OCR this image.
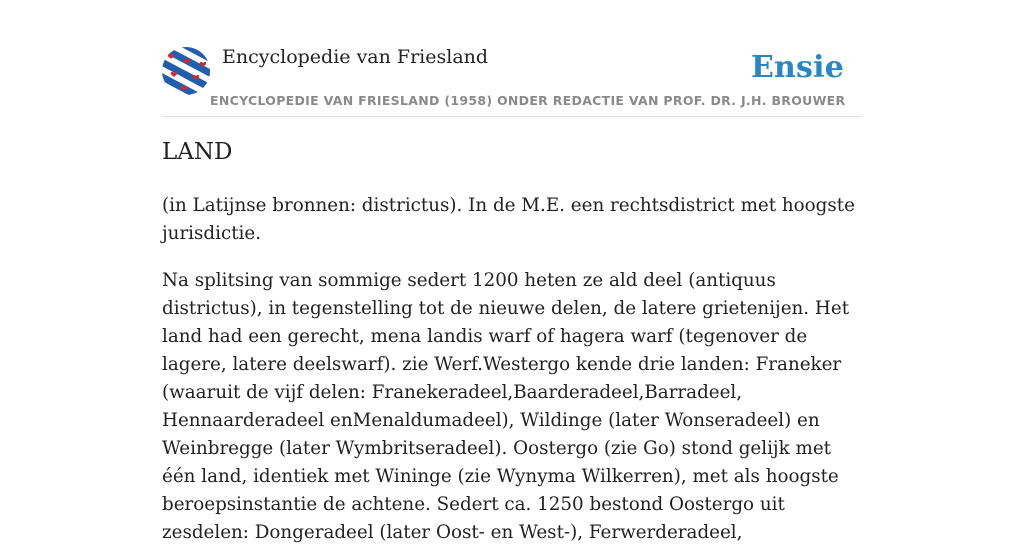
Encyclopedie van Friesland	Ensie
ENCYCLOPEDIE VAN FRIESLAND (1958) ONDER REDACTIE VAN PROF. DR. J.H. BROUWER
LAND

(in Latijnse bronnen: districtus). In de M.E. een rechtsdistrict met hoogste jurisdictie.

Na splitsing van sommige sedert 1200 heten ze ald deel (antiquus districtus), in tegenstelling tot de nieuwe delen, de latere grietenijen. Het land had een gerecht, mena landis warf of hagera warf (tegenover de lagere, latere deelswarf). zie Werf.Westergo kende drie landen: Franeker (waaruit de vijf delen: Franekeradeel,Baarderadeel,Barradeel, Hennaarderadeel enMenaldumadeel), Wildinge (later Wonseradeel) en Weinbregge (later Wymbritseradeel). Oostergo (zie Go) stond gelijk met één land, identiek met Wininge (zie Wynyma Wilkerren), met als hoogste beroepsinstantie de achtene. Sedert ca. 1250 bestond Oostergo uit zesdelen: Dongeradeel (later Oost- en West-), Ferwerderadeel,
